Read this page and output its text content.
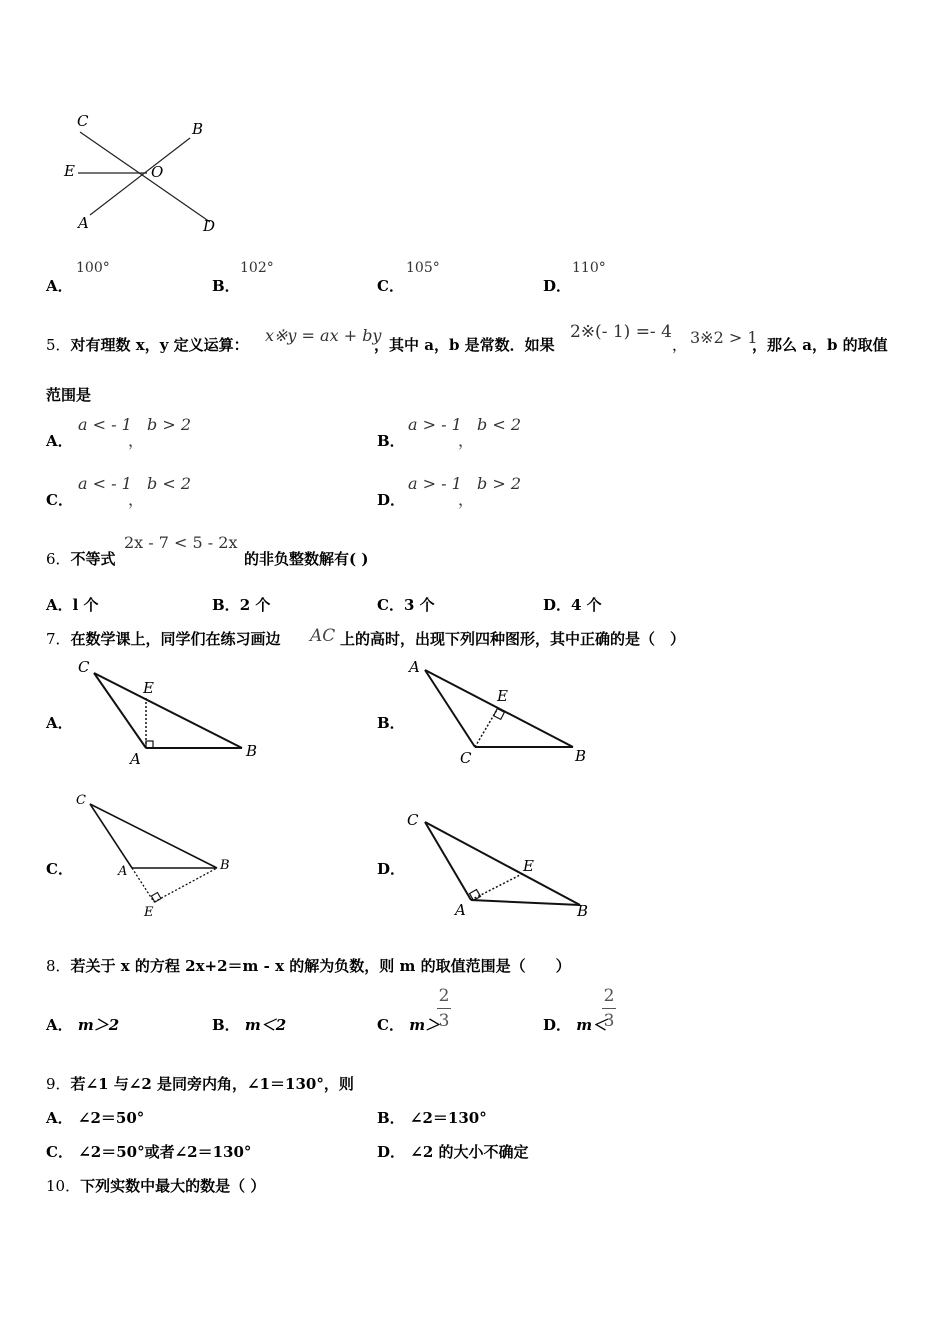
C	B
E	O
A	D
A．
100°
B．
102°
C．
105°
D．
110°
5．对有理数 x，y 定义运算： x※y = ax + by
，其中 a，b 是常数．如果
2※(- 1) =- 4
， 3※2 > 1
，那么 a，b 的取值
范围是
A．
a < - 1
，
b > 2
B．
a > - 1
，
b < 2
C．
a < - 1
，
b < 2
D．
a > - 1
，
b > 2
6．不等式
2x - 7 < 5 - 2x
的非负整数解有( )
A．l 个	B．2 个	C．3 个	D．4 个
7．在数学课上，同学们在练习画边 AC 上的高时，出现下列四种图形，其中正确的是（　）
A．
C
E
A	B
B．
A
E
C	B
C．
C
A	B
E
D．
C
E
A	B
8．若关于 x 的方程 2x+2＝m - x 的解为负数，则 m 的取值范围是（　　）
A． m＞2	B． m＜2	C． m＞
2
3	D． m＜
2
3
9．若∠1 与∠2 是同旁内角，∠1＝130°，则
A． ∠2＝50°	B． ∠2＝130°
C． ∠2＝50°或者∠2＝130°	D． ∠2 的大小不确定
10．下列实数中最大的数是（ ）
